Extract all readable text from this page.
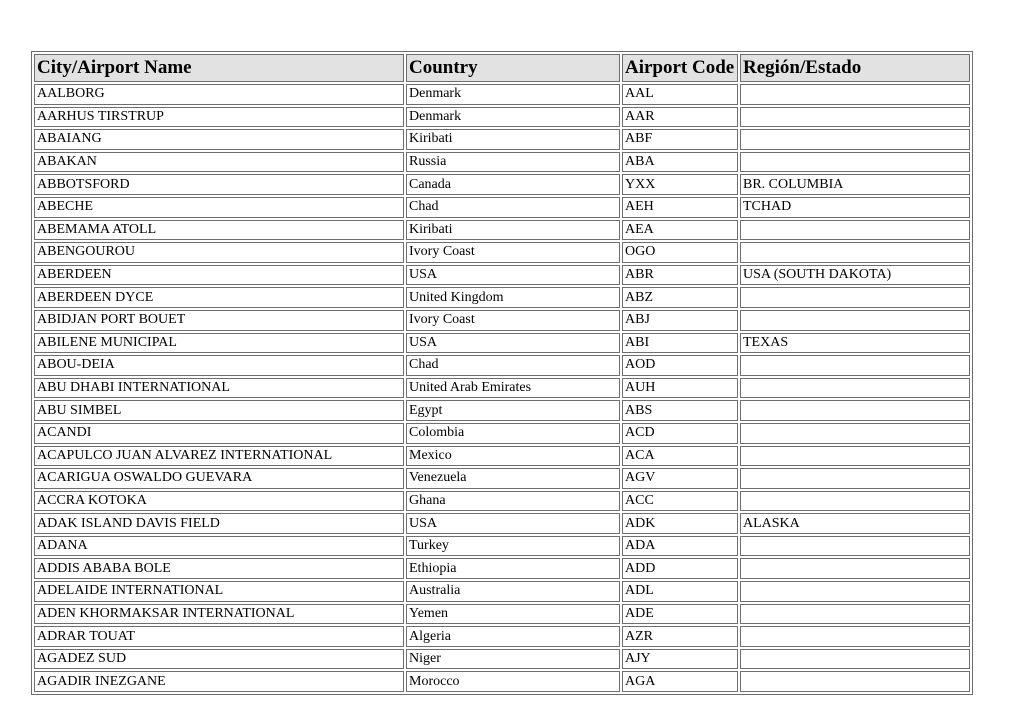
City/Airport Name	Country	Airport Code	Región/Estado
AALBORG	Denmark	AAL	
AARHUS TIRSTRUP	Denmark	AAR	
ABAIANG	Kiribati	ABF	
ABAKAN	Russia	ABA	
ABBOTSFORD	Canada	YXX	BR. COLUMBIA
ABECHE	Chad	AEH	TCHAD
ABEMAMA ATOLL	Kiribati	AEA	
ABENGOUROU	Ivory Coast	OGO	
ABERDEEN	USA	ABR	USA (SOUTH DAKOTA)
ABERDEEN DYCE	United Kingdom	ABZ	
ABIDJAN PORT BOUET	Ivory Coast	ABJ	
ABILENE MUNICIPAL	USA	ABI	TEXAS
ABOU-DEIA	Chad	AOD	
ABU DHABI INTERNATIONAL	United Arab Emirates	AUH	
ABU SIMBEL	Egypt	ABS	
ACANDI	Colombia	ACD	
ACAPULCO JUAN ALVAREZ INTERNATIONAL	Mexico	ACA	
ACARIGUA OSWALDO GUEVARA	Venezuela	AGV	
ACCRA KOTOKA	Ghana	ACC	
ADAK ISLAND DAVIS FIELD	USA	ADK	ALASKA
ADANA	Turkey	ADA	
ADDIS ABABA BOLE	Ethiopia	ADD	
ADELAIDE INTERNATIONAL	Australia	ADL	
ADEN KHORMAKSAR INTERNATIONAL	Yemen	ADE	
ADRAR TOUAT	Algeria	AZR	
AGADEZ SUD	Niger	AJY	
AGADIR INEZGANE	Morocco	AGA	
